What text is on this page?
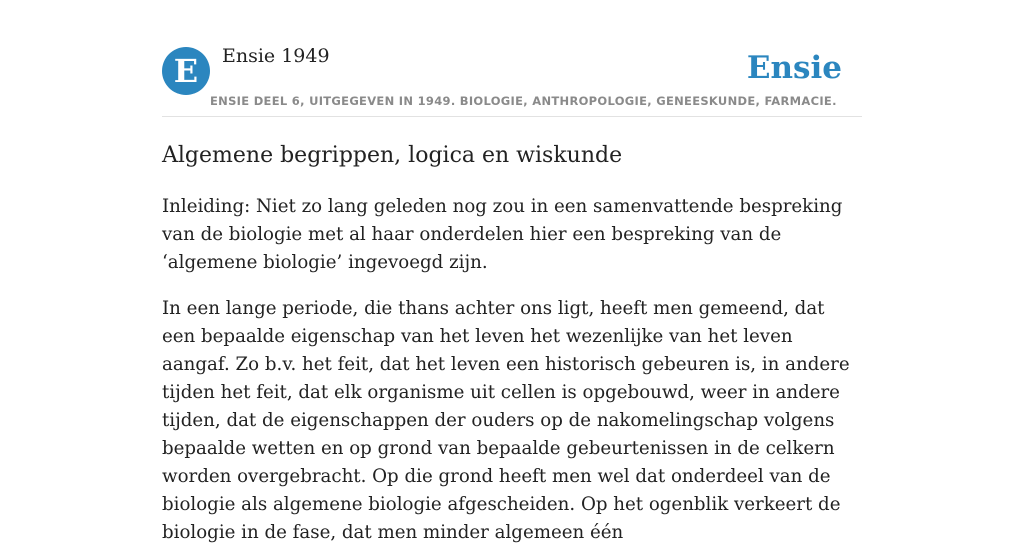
E	Ensie 1949	Ensie
ENSIE DEEL 6, UITGEGEVEN IN 1949. BIOLOGIE, ANTHROPOLOGIE, GENEESKUNDE, FARMACIE.
Algemene begrippen, logica en wiskunde

Inleiding: Niet zo lang geleden nog zou in een samenvattende bespreking van de biologie met al haar onderdelen hier een bespreking van de ‘algemene biologie’ ingevoegd zijn.

In een lange periode, die thans achter ons ligt, heeft men gemeend, dat een bepaalde eigenschap van het leven het wezenlijke van het leven aangaf. Zo b.v. het feit, dat het leven een historisch gebeuren is, in andere tijden het feit, dat elk organisme uit cellen is opgebouwd, weer in andere tijden, dat de eigenschappen der ouders op de nakomelingschap volgens bepaalde wetten en op grond van bepaalde gebeurtenissen in de celkern worden overgebracht. Op die grond heeft men wel dat onderdeel van de biologie als algemene biologie afgescheiden. Op het ogenblik verkeert de biologie in de fase, dat men minder algemeen één
